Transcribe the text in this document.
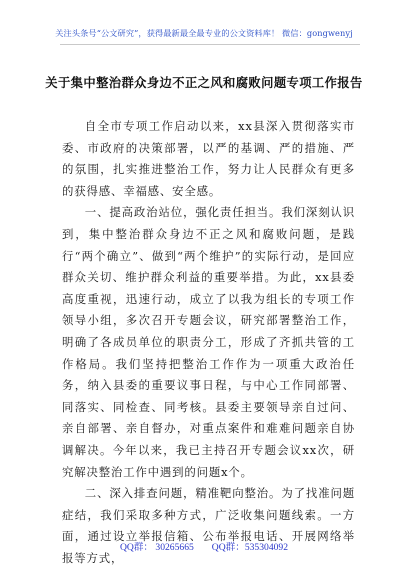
关注头条号“公文研究”，获得最新最全最专业的公文资料库！ 微信：gongwenyj
关于集中整治群众身边不正之风和腐败问题专项工作报告

自全市专项工作启动以来，xx县深入贯彻落实市委、市政府的决策部署，以严的基调、严的措施、严的氛围，扎实推进整治工作，努力让人民群众有更多的获得感、幸福感、安全感。

一、提高政治站位，强化责任担当。我们深刻认识到，集中整治群众身边不正之风和腐败问题，是践行“两个确立”、做到“两个维护”的实际行动，是回应群众关切、维护群众利益的重要举措。为此，xx县委高度重视，迅速行动，成立了以我为组长的专项工作领导小组，多次召开专题会议，研究部署整治工作，明确了各成员单位的职责分工，形成了齐抓共管的工作格局。我们坚持把整治工作作为一项重大政治任务，纳入县委的重要议事日程，与中心工作同部署、同落实、同检查、同考核。县委主要领导亲自过问、亲自部署、亲自督办，对重点案件和难难问题亲自协调解决。今年以来，我已主持召开专题会议xx次，研究解决整治工作中遇到的问题x个。

二、深入排查问题，精准靶向整治。为了找准问题症结，我们采取多种方式，广泛收集问题线索。一方面，通过设立举报信箱、公布举报电话、开展网络举报等方式，

QQ群： 30265665 QQ群：535304092
